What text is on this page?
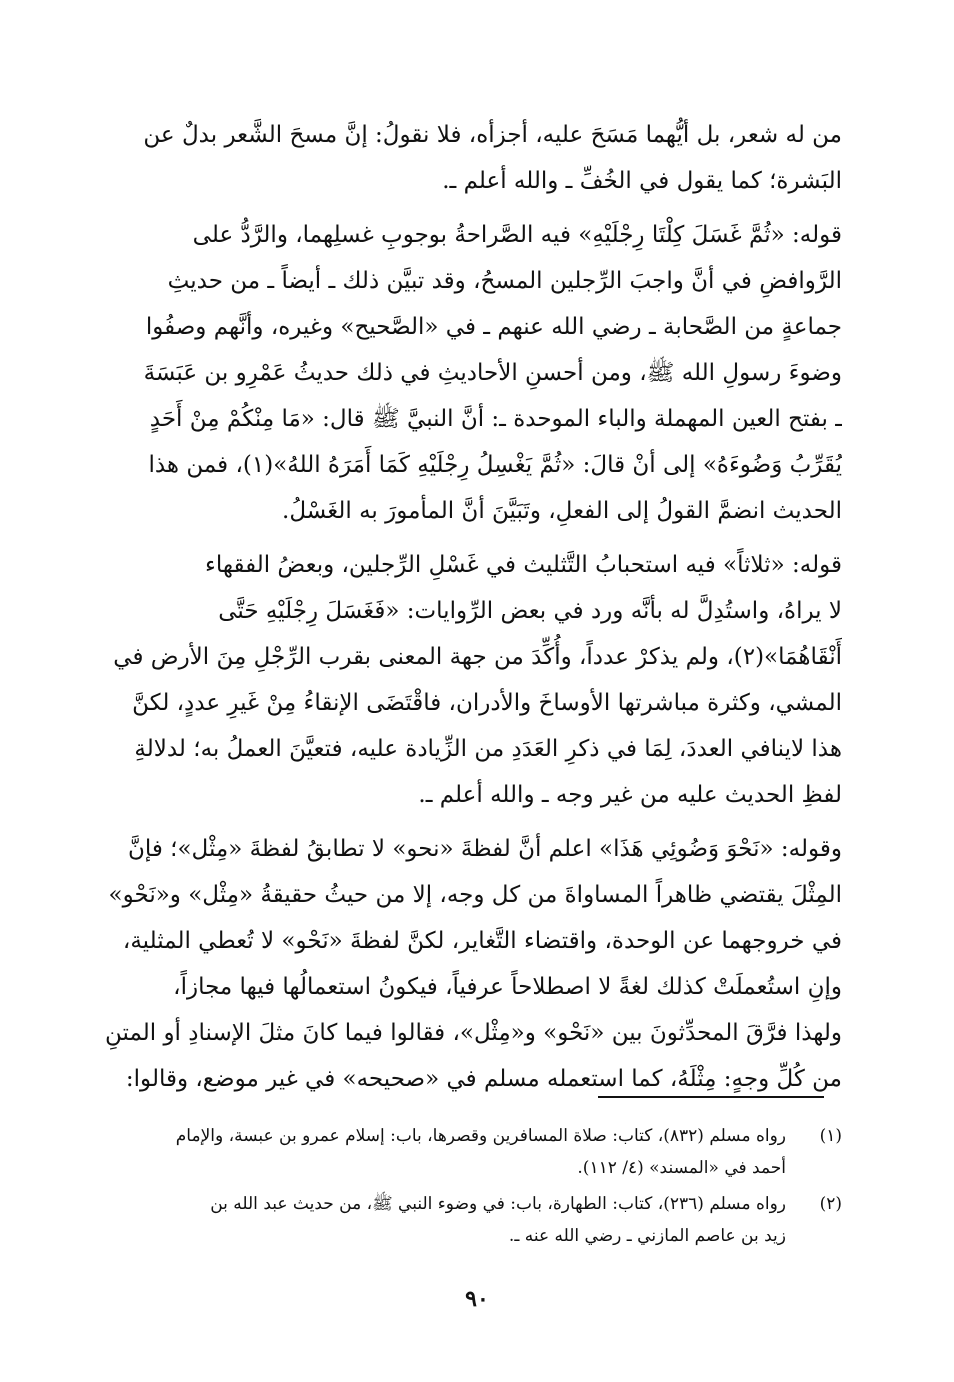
من له شعر، بل أيُّهما مَسَحَ عليه، أجزأه، فلا نقولُ: إنَّ مسحَ الشَّعر بدلٌ عن
البَشرة؛ كما يقول في الخُفِّ ـ والله أعلم ـ.
قوله: «ثُمَّ غَسَلَ كِلْتَا رِجْلَيْهِ» فيه الصَّراحةُ بوجوبِ غسلِهما، والرَّدُّ على
الرَّوافضِ في أنَّ واجبَ الرِّجلين المسحُ، وقد تبيَّن ذلك ـ أيضاً ـ من حديثِ
جماعةٍ من الصَّحابة ـ رضي الله عنهم ـ في «الصَّحيح» وغيره، وأنَّهم وصفُوا
وضوءَ رسولِ الله ﷺ، ومن أحسنِ الأحاديثِ في ذلك حديثُ عَمْرِو بن عَبَسَةَ
ـ بفتح العين المهملة والباء الموحدة ـ: أنَّ النبيَّ ﷺ قال: «مَا مِنْكُمْ مِنْ أَحَدٍ
يُقَرِّبُ وَضُوءَهُ» إلى أنْ قالَ: «ثُمَّ يَغْسِلُ رِجْلَيْهِ كَمَا أَمَرَهُ اللهُ»(١)، فمن هذا
الحديث انضمَّ القولُ إلى الفعلِ، وتَبَيَّنَ أنَّ المأمورَ به الغَسْلُ.
قوله: «ثلاثاً» فيه استحبابُ التَّثليث في غَسْلِ الرِّجلين، وبعضُ الفقهاء
لا يراهُ، واستُدِلَّ له بأنَّه ورد في بعض الرِّوايات: «فَغَسَلَ رِجْلَيْهِ حَتَّى
أَنْقَاهُمَا»(٢)، ولم يذكرْ عدداً، وأُكِّدَ من جهة المعنى بقرب الرِّجْلِ مِنَ الأرض في
المشي، وكثرة مباشرتها الأوساخَ والأدران، فاقْتَضَى الإنقاءُ مِنْ غَيرِ عددٍ، لكنَّ
هذا لاينافي العددَ، لِمَا في ذكرِ العَدَدِ من الزِّيادة عليه، فتعيَّنَ العملُ به؛ لدلالةِ
لفظِ الحديث عليه من غير وجه ـ والله أعلم ـ.
وقوله: «نَحْوَ وَضُوئِي هَذَا» اعلم أنَّ لفظةَ «نحو» لا تطابقُ لفظةَ «مِثْل»؛ فإنَّ
المِثْلَ يقتضي ظاهراً المساواةَ من كل وجه، إلا من حيثُ حقيقةُ «مِثْل» و«نَحْو»
في خروجهما عن الوحدة، واقتضاء التَّغاير، لكنَّ لفظةَ «نَحْو» لا تُعطي المثلية،
وإنِ استُعملَتْ كذلك لغةً لا اصطلاحاً عرفياً، فيكونُ استعمالُها فيها مجازاً،
ولهذا فرَّقَ المحدِّثونَ بين «نَحْو» و«مِثْل»، فقالوا فيما كانَ مثلَ الإسنادِ أو المتنِ
من كُلِّ وجهٍ: مِثْلَهُ، كما استعمله مسلم في «صحيحه» في غير موضع، وقالوا:
(١)
رواه مسلم (٨٣٢)، كتاب: صلاة المسافرين وقصرها، باب: إسلام عمرو بن عبسة، والإمام
أحمد في «المسند» (٤/ ١١٢).
(٢)
رواه مسلم (٢٣٦)، كتاب: الطهارة، باب: في وضوء النبي ﷺ، من حديث عبد الله بن
زيد بن عاصم المازني ـ رضي الله عنه ـ.
٩٠
